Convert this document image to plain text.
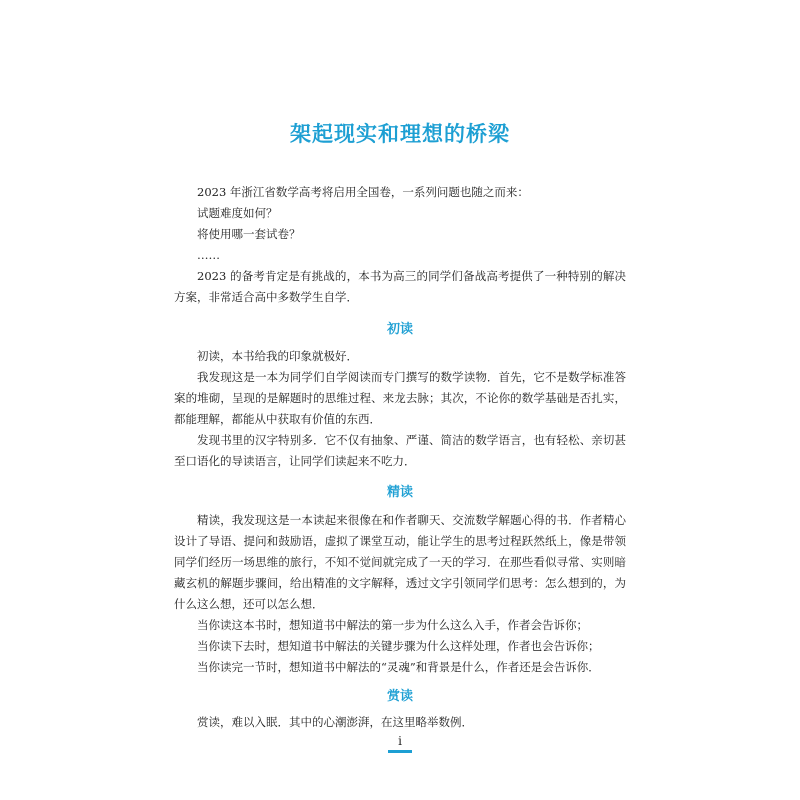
架起现实和理想的桥梁

2023 年浙江省数学高考将启用全国卷，一系列问题也随之而来：

试题难度如何？

将使用哪一套试卷？

……

2023 的备考肯定是有挑战的，本书为高三的同学们备战高考提供了一种特别的解决方案，非常适合高中多数学生自学．

初读

初读，本书给我的印象就极好．

我发现这是一本为同学们自学阅读而专门撰写的数学读物．首先，它不是数学标准答案的堆砌，呈现的是解题时的思维过程、来龙去脉；其次，不论你的数学基础是否扎实，都能理解，都能从中获取有价值的东西．

发现书里的汉字特别多．它不仅有抽象、严谨、简洁的数学语言，也有轻松、亲切甚至口语化的导读语言，让同学们读起来不吃力．

精读

精读，我发现这是一本读起来很像在和作者聊天、交流数学解题心得的书．作者精心设计了导语、提问和鼓励语，虚拟了课堂互动，能让学生的思考过程跃然纸上，像是带领同学们经历一场思维的旅行，不知不觉间就完成了一天的学习．在那些看似寻常、实则暗藏玄机的解题步骤间，给出精准的文字解释，透过文字引领同学们思考：怎么想到的，为什么这么想，还可以怎么想．

当你读这本书时，想知道书中解法的第一步为什么这么入手，作者会告诉你；

当你读下去时，想知道书中解法的关键步骤为什么这样处理，作者也会告诉你；

当你读完一节时，想知道书中解法的“灵魂”和背景是什么，作者还是会告诉你．

赏读

赏读，难以入眠．其中的心潮澎湃，在这里略举数例．

i
